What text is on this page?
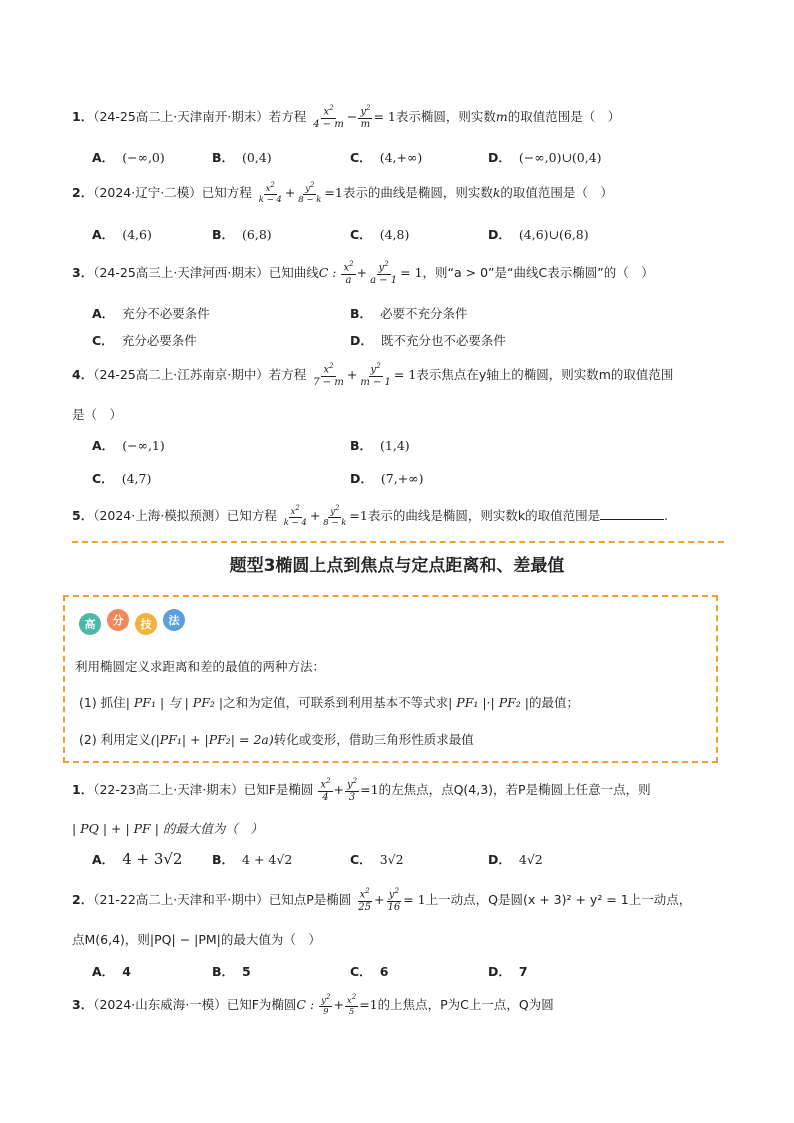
1．（24-25高二上·天津南开·期末）若方程 $\frac{x^2}{4 - m} - \frac{y^2}{m} = 1$表示椭圆，则实数m的取值范围是（　）
A． (−∞,0)	B． (0,4)	C． (4,+∞)	D． (−∞,0)∪(0,4)
2．（2024·辽宁·二模）已知方程 $\frac{x^2}{k - 4} + \frac{y^2}{8 - k} =1$表示的曲线是椭圆，则实数k的取值范围是（　）
A． (4,6)	B． (6,8)	C． (4,8)	D． (4,6)∪(6,8)
3．（24-25高三上·天津河西·期末）已知曲线C : $\frac{x^2}{a} + \frac{y^2}{a - 1} = 1$，则“a > 0”是“曲线C表示椭圆”的（　）
A． 充分不必要条件	B． 必要不充分条件
C． 充分必要条件	D． 既不充分也不必要条件
4．（24-25高二上·江苏南京·期中）若方程 $\frac{x^2}{7 - m} + \frac{y^2}{m - 1} = 1$表示焦点在y轴上的椭圆，则实数m的取值范围
是（　）
A． (−∞,1)	B． (1,4)
C． (4,7)	D． (7,+∞)
5．（2024·上海·模拟预测）已知方程 $\frac{x^2}{k - 4} + \frac{y^2}{8 - k} =1$表示的曲线是椭圆，则实数k的取值范围是	.
题型3椭圆上点到焦点与定点距离和、差最值
高 分 技 法
利用椭圆定义求距离和差的最值的两种方法：
(1) 抓住| PF₁ | 与 | PF₂ |之和为定值，可联系到利用基本不等式求| PF₁ |·| PF₂ |的最值；
(2) 利用定义(|PF₁| + |PF₂| = 2a)转化或变形，借助三角形性质求最值
1．（22-23高二上·天津·期末）已知F是椭圆 $\frac{x^2}{4} + \frac{y^2}{3} =1$的左焦点，点Q(4,3)，若P是椭圆上任意一点，则
| PQ | + | PF | 的最大值为（　）
A． 4 + 3√2 B． 4 + 4√2	C． 3√2	D． 4√2
2．（21-22高二上·天津和平·期中）已知点P是椭圆 $\frac{x^2}{25} + \frac{y^2}{16} = 1$上一动点，Q是圆(x + 3)² + y² = 1上一动点，
点M(6,4)，则|PQ| − |PM|的最大值为（　）
A． 4	B． 5	C． 6	D． 7
3．（2024·山东威海·一模）已知F为椭圆C : $\frac{y^2}{9} + \frac{x^2}{5} =1$的上焦点，P为C上一点，Q为圆
